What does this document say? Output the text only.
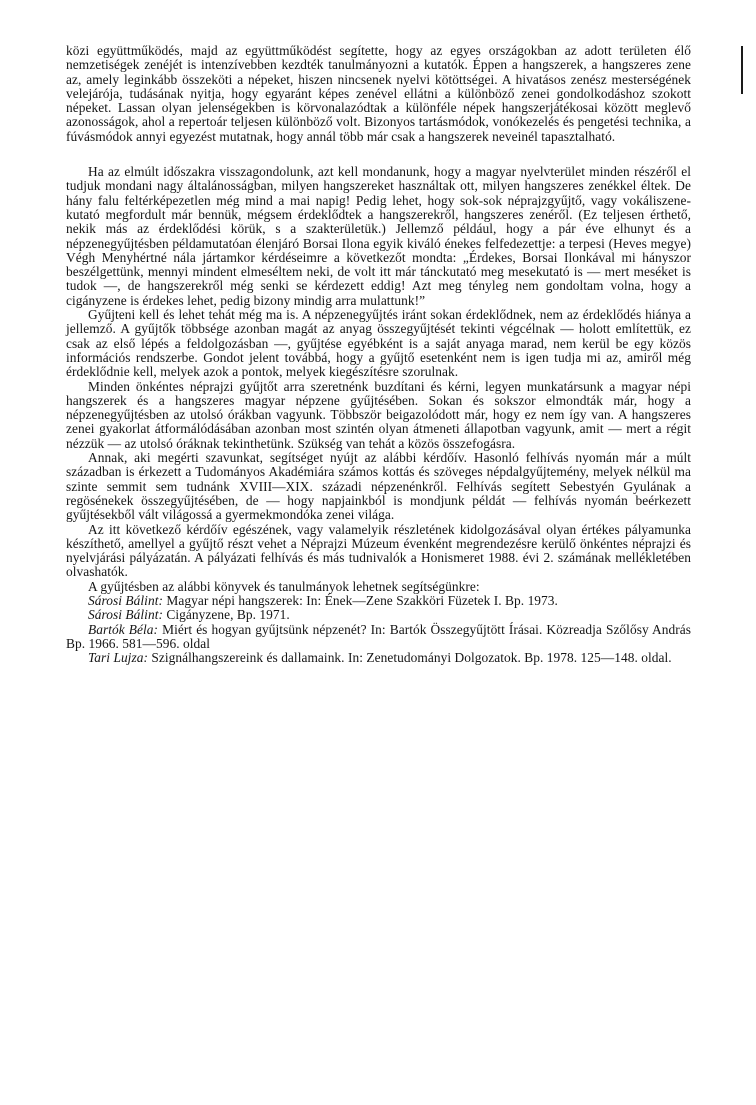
közi együttműködés, majd az együttműködést segítette, hogy az egyes országokban az adott területen élő nemzetiségek zenéjét is intenzívebben kezdték tanulmányozni a kutatók. Éppen a hangszerek, a hangszeres zene az, amely leginkább összeköti a népeket, hiszen nincsenek nyelvi kötöttségei. A hivatásos zenész mesterségének velejárója, tudásának nyitja, hogy egyaránt képes zenével ellátni a különböző zenei gondolkodáshoz szokott népeket. Lassan olyan jelenségekben is körvonalazódtak a különféle népek hangszerjátékosai között meglevő azonosságok, ahol a repertoár teljesen különböző volt. Bizonyos tartásmódok, vonókezelés és pengetési technika, a fúvásmódok annyi egyezést mutatnak, hogy annál több már csak a hangszerek neveinél tapasztalható.

Ha az elmúlt időszakra visszagondolunk, azt kell mondanunk, hogy a magyar nyelvterület minden részéről el tudjuk mondani nagy általánosságban, milyen hangszereket használtak ott, milyen hangszeres zenékkel éltek. De hány falu feltérképezetlen még mind a mai napig! Pedig lehet, hogy sok-sok néprajzgyűjtő, vagy vokáliszene-kutató megfordult már bennük, mégsem érdeklődtek a hangszerekről, hangszeres zenéről. (Ez teljesen érthető, nekik más az érdeklődési körük, s a szakterületük.) Jellemző például, hogy a pár éve elhunyt és a népzenegyűjtésben példamutatóan élenjáró Borsai Ilona egyik kiváló énekes felfedezettje: a terpesi (Heves megye) Végh Menyhértné nála jártamkor kérdéseimre a következőt mondta: „Érdekes, Borsai Ilonkával mi hányszor beszélgettünk, mennyi mindent elmeséltem neki, de volt itt már tánckutató meg mesekutató is — mert meséket is tudok —, de hangszerekről még senki se kérdezett eddig! Azt meg tényleg nem gondoltam volna, hogy a cigányzene is érdekes lehet, pedig bizony mindig arra mulattunk!”

Gyűjteni kell és lehet tehát még ma is. A népzenegyűjtés iránt sokan érdeklődnek, nem az érdeklődés hiánya a jellemző. A gyűjtők többsége azonban magát az anyag összegyűjtését tekinti végcélnak — holott említettük, ez csak az első lépés a feldolgozásban —, gyűjtése egyébként is a saját anyaga marad, nem kerül be egy közös információs rendszerbe. Gondot jelent továbbá, hogy a gyűjtő esetenként nem is igen tudja mi az, amiről még érdeklődnie kell, melyek azok a pontok, melyek kiegészítésre szorulnak.

Minden önkéntes néprajzi gyűjtőt arra szeretnénk buzdítani és kérni, legyen munkatársunk a magyar népi hangszerek és a hangszeres magyar népzene gyűjtésében. Sokan és sokszor elmondták már, hogy a népzenegyűjtésben az utolsó órákban vagyunk. Többször beigazolódott már, hogy ez nem így van. A hangszeres zenei gyakorlat átformálódásában azonban most szintén olyan átmeneti állapotban vagyunk, amit — mert a régit nézzük — az utolsó óráknak tekinthetünk. Szükség van tehát a közös összefogásra.

Annak, aki megérti szavunkat, segítséget nyújt az alábbi kérdőív. Hasonló felhívás nyomán már a múlt században is érkezett a Tudományos Akadémiára számos kottás és szöveges népdalgyűjtemény, melyek nélkül ma szinte semmit sem tudnánk XVIII—XIX. századi népzenénkről. Felhívás segített Sebestyén Gyulának a regösénekek összegyűjtésében, de — hogy napjainkból is mondjunk példát — felhívás nyomán beérkezett gyűjtésekből vált világossá a gyermekmondóka zenei világa.

Az itt következő kérdőív egészének, vagy valamelyik részletének kidolgozásával olyan értékes pályamunka készíthető, amellyel a gyűjtő részt vehet a Néprajzi Múzeum évenként megrendezésre kerülő önkéntes néprajzi és nyelvjárási pályázatán. A pályázati felhívás és más tudnivalók a Honismeret 1988. évi 2. számának mellékletében olvashatók.

A gyűjtésben az alábbi könyvek és tanulmányok lehetnek segítségünkre:

Sárosi Bálint: Magyar népi hangszerek: In: Ének—Zene Szakköri Füzetek I. Bp. 1973.

Sárosi Bálint: Cigányzene, Bp. 1971.

Bartók Béla: Miért és hogyan gyűjtsünk népzenét? In: Bartók Összegyűjtött Írásai. Közreadja Szőlősy András Bp. 1966. 581—596. oldal

Tari Lujza: Szignálhangszereink és dallamaink. In: Zenetudományi Dolgozatok. Bp. 1978. 125—148. oldal.
